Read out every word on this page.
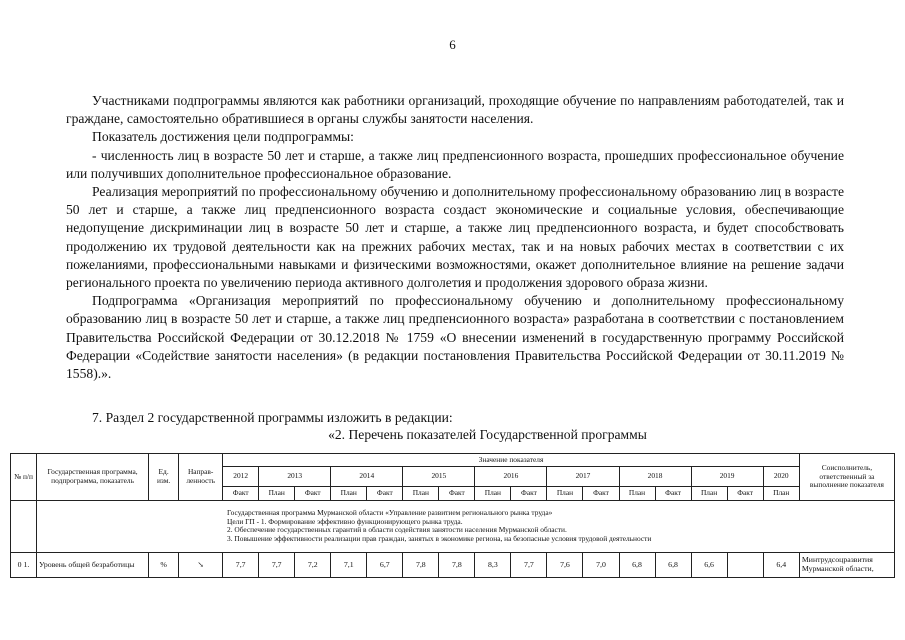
6

Участниками подпрограммы являются как работники организаций, проходящие обучение по направлениям работодателей, так и граждане, самостоятельно обратившиеся в органы службы занятости населения.

Показатель достижения цели подпрограммы:

- численность лиц в возрасте 50 лет и старше, а также лиц предпенсионного возраста, прошедших профессиональное обучение или получивших дополнительное профессиональное образование.

Реализация мероприятий по профессиональному обучению и дополнительному профессиональному образованию лиц в возрасте 50 лет и старше, а также лиц предпенсионного возраста создаст экономические и социальные условия, обеспечивающие недопущение дискриминации лиц в возрасте 50 лет и старше, а также лиц предпенсионного возраста, и будет способствовать продолжению их трудовой деятельности как на прежних рабочих местах, так и на новых рабочих местах в соответствии с их пожеланиями, профессиональными навыками и физическими возможностями, окажет дополнительное влияние на решение задачи регионального проекта по увеличению периода активного долголетия и продолжения здорового образа жизни.

Подпрограмма «Организация мероприятий по профессиональному обучению и дополнительному профессиональному образованию лиц в возрасте 50 лет и старше, а также лиц предпенсионного возраста» разработана в соответствии с постановлением Правительства Российской Федерации от 30.12.2018 № 1759 «О внесении изменений в государственную программу Российской Федерации «Содействие занятости населения» (в редакции постановления Правительства Российской Федерации от 30.11.2019 № 1558).».

7. Раздел 2 государственной программы изложить в редакции:
«2. Перечень показателей Государственной программы
№ п/п	Государственная программа, подпрограмма, показатель	Ед. изм.	Направ- ленность	Значение показателя																Соисполнитель, ответственный за выполнение показателя
				2012	2013		2014		2015		2016		2017		2018		2019		2020	
				Факт	План	Факт	План	Факт	План	Факт	План	Факт	План	Факт	План	Факт	План	Факт	План	

	Государственная программа Мурманской области «Управление развитием регионального рынка труда»
Цели ГП - 1. Формирование эффективно функционирующего рынка труда.
2. Обеспечение государственных гарантий в области содействия занятости населения Мурманской области.
3. Повышение эффективности реализации прав граждан, занятых в экономике региона, на безопасные условия трудовой деятельности																			

0 1.	Уровень общей безработицы	%	↘	7,7	7,7	7,2	7,1	6,7	7,8	7,8	8,3	7,7	7,6	7,0	6,8	6,8	6,6		6,4	Минтрудсоцразвития Мурманской области,
